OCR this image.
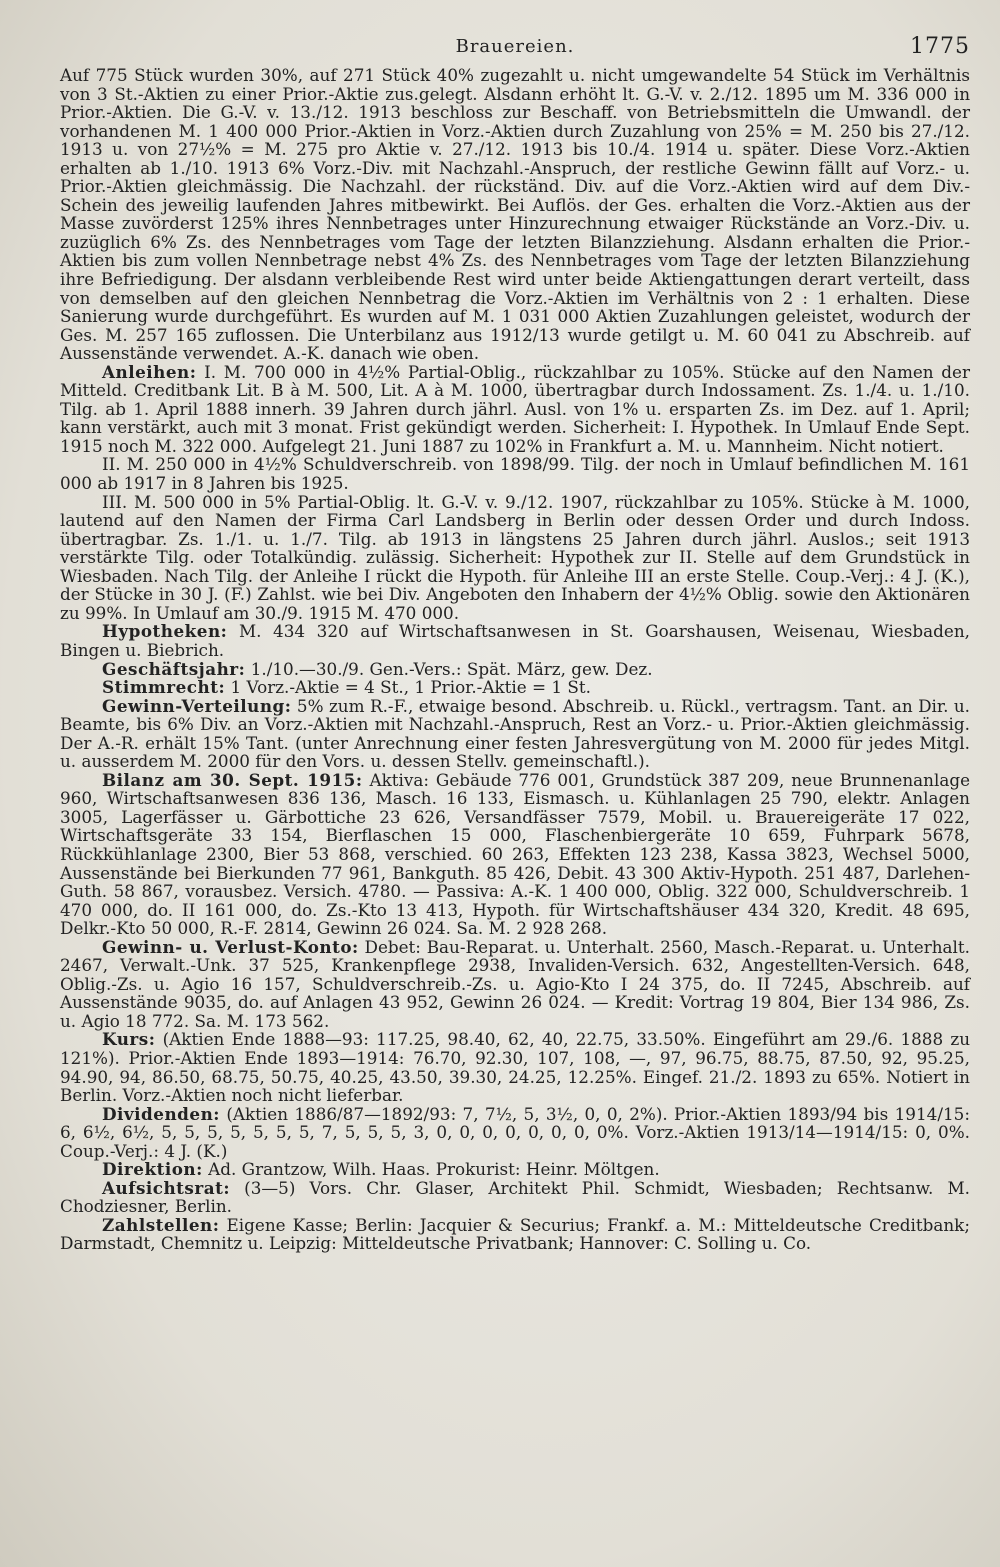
Brauereien.	1775

Auf 775 Stück wurden 30%, auf 271 Stück 40% zugezahlt u. nicht umgewandelte 54 Stück im Verhältnis von 3 St.-Aktien zu einer Prior.-Aktie zus.gelegt. Alsdann erhöht lt. G.-V. v. 2./12. 1895 um M. 336 000 in Prior.-Aktien. Die G.-V. v. 13./12. 1913 beschloss zur Beschaff. von Betriebsmitteln die Umwandl. der vorhandenen M. 1 400 000 Prior.-Aktien in Vorz.-Aktien durch Zuzahlung von 25% = M. 250 bis 27./12. 1913 u. von 27½% = M. 275 pro Aktie v. 27./12. 1913 bis 10./4. 1914 u. später. Diese Vorz.-Aktien erhalten ab 1./10. 1913 6% Vorz.-Div. mit Nachzahl.-Anspruch, der restliche Gewinn fällt auf Vorz.- u. Prior.-Aktien gleichmässig. Die Nachzahl. der rückständ. Div. auf die Vorz.-Aktien wird auf dem Div.-Schein des jeweilig laufenden Jahres mitbewirkt. Bei Auflös. der Ges. erhalten die Vorz.-Aktien aus der Masse zuvörderst 125% ihres Nennbetrages unter Hinzurechnung etwaiger Rückstände an Vorz.-Div. u. zuzüglich 6% Zs. des Nennbetrages vom Tage der letzten Bilanzziehung. Alsdann erhalten die Prior.-Aktien bis zum vollen Nennbetrage nebst 4% Zs. des Nennbetrages vom Tage der letzten Bilanzziehung ihre Befriedigung. Der alsdann verbleibende Rest wird unter beide Aktiengattungen derart verteilt, dass von demselben auf den gleichen Nennbetrag die Vorz.-Aktien im Verhältnis von 2 : 1 erhalten. Diese Sanierung wurde durchgeführt. Es wurden auf M. 1 031 000 Aktien Zuzahlungen geleistet, wodurch der Ges. M. 257 165 zuflossen. Die Unterbilanz aus 1912/13 wurde getilgt u. M. 60 041 zu Abschreib. auf Aussenstände verwendet. A.-K. danach wie oben.

Anleihen: I. M. 700 000 in 4½% Partial-Oblig., rückzahlbar zu 105%. Stücke auf den Namen der Mitteld. Creditbank Lit. B à M. 500, Lit. A à M. 1000, übertragbar durch Indossament. Zs. 1./4. u. 1./10. Tilg. ab 1. April 1888 innerh. 39 Jahren durch jährl. Ausl. von 1% u. ersparten Zs. im Dez. auf 1. April; kann verstärkt, auch mit 3 monat. Frist gekündigt werden. Sicherheit: I. Hypothek. In Umlauf Ende Sept. 1915 noch M. 322 000. Aufgelegt 21. Juni 1887 zu 102% in Frankfurt a. M. u. Mannheim. Nicht notiert.

II. M. 250 000 in 4½% Schuldverschreib. von 1898/99. Tilg. der noch in Umlauf befindlichen M. 161 000 ab 1917 in 8 Jahren bis 1925.

III. M. 500 000 in 5% Partial-Oblig. lt. G.-V. v. 9./12. 1907, rückzahlbar zu 105%. Stücke à M. 1000, lautend auf den Namen der Firma Carl Landsberg in Berlin oder dessen Order und durch Indoss. übertragbar. Zs. 1./1. u. 1./7. Tilg. ab 1913 in längstens 25 Jahren durch jährl. Auslos.; seit 1913 verstärkte Tilg. oder Totalkündig. zulässig. Sicherheit: Hypothek zur II. Stelle auf dem Grundstück in Wiesbaden. Nach Tilg. der Anleihe I rückt die Hypoth. für Anleihe III an erste Stelle. Coup.-Verj.: 4 J. (K.), der Stücke in 30 J. (F.) Zahlst. wie bei Div. Angeboten den Inhabern der 4½% Oblig. sowie den Aktionären zu 99%. In Umlauf am 30./9. 1915 M. 470 000.

Hypotheken: M. 434 320 auf Wirtschaftsanwesen in St. Goarshausen, Weisenau, Wiesbaden, Bingen u. Biebrich.

Geschäftsjahr: 1./10.—30./9. Gen.-Vers.: Spät. März, gew. Dez.

Stimmrecht: 1 Vorz.-Aktie = 4 St., 1 Prior.-Aktie = 1 St.

Gewinn-Verteilung: 5% zum R.-F., etwaige besond. Abschreib. u. Rückl., vertragsm. Tant. an Dir. u. Beamte, bis 6% Div. an Vorz.-Aktien mit Nachzahl.-Anspruch, Rest an Vorz.- u. Prior.-Aktien gleichmässig. Der A.-R. erhält 15% Tant. (unter Anrechnung einer festen Jahresvergütung von M. 2000 für jedes Mitgl. u. ausserdem M. 2000 für den Vors. u. dessen Stellv. gemeinschaftl.).

Bilanz am 30. Sept. 1915: Aktiva: Gebäude 776 001, Grundstück 387 209, neue Brunnenanlage 960, Wirtschaftsanwesen 836 136, Masch. 16 133, Eismasch. u. Kühlanlagen 25 790, elektr. Anlagen 3005, Lagerfässer u. Gärbottiche 23 626, Versandfässer 7579, Mobil. u. Brauereigeräte 17 022, Wirtschaftsgeräte 33 154, Bierflaschen 15 000, Flaschenbiergeräte 10 659, Fuhrpark 5678, Rückkühlanlage 2300, Bier 53 868, verschied. 60 263, Effekten 123 238, Kassa 3823, Wechsel 5000, Aussenstände bei Bierkunden 77 961, Bankguth. 85 426, Debit. 43 300 Aktiv-Hypoth. 251 487, Darlehen-Guth. 58 867, vorausbez. Versich. 4780. — Passiva: A.-K. 1 400 000, Oblig. 322 000, Schuldverschreib. 1 470 000, do. II 161 000, do. Zs.-Kto 13 413, Hypoth. für Wirtschaftshäuser 434 320, Kredit. 48 695, Delkr.-Kto 50 000, R.-F. 2814, Gewinn 26 024. Sa. M. 2 928 268.

Gewinn- u. Verlust-Konto: Debet: Bau-Reparat. u. Unterhalt. 2560, Masch.-Reparat. u. Unterhalt. 2467, Verwalt.-Unk. 37 525, Krankenpflege 2938, Invaliden-Versich. 632, Angestellten-Versich. 648, Oblig.-Zs. u. Agio 16 157, Schuldverschreib.-Zs. u. Agio-Kto I 24 375, do. II 7245, Abschreib. auf Aussenstände 9035, do. auf Anlagen 43 952, Gewinn 26 024. — Kredit: Vortrag 19 804, Bier 134 986, Zs. u. Agio 18 772. Sa. M. 173 562.

Kurs: (Aktien Ende 1888—93: 117.25, 98.40, 62, 40, 22.75, 33.50%. Eingeführt am 29./6. 1888 zu 121%). Prior.-Aktien Ende 1893—1914: 76.70, 92.30, 107, 108, —, 97, 96.75, 88.75, 87.50, 92, 95.25, 94.90, 94, 86.50, 68.75, 50.75, 40.25, 43.50, 39.30, 24.25, 12.25%. Eingef. 21./2. 1893 zu 65%. Notiert in Berlin. Vorz.-Aktien noch nicht lieferbar.

Dividenden: (Aktien 1886/87—1892/93: 7, 7½, 5, 3½, 0, 0, 2%). Prior.-Aktien 1893/94 bis 1914/15: 6, 6½, 6½, 5, 5, 5, 5, 5, 5, 5, 7, 5, 5, 5, 3, 0, 0, 0, 0, 0, 0, 0, 0%. Vorz.-Aktien 1913/14—1914/15: 0, 0%. Coup.-Verj.: 4 J. (K.)

Direktion: Ad. Grantzow, Wilh. Haas. Prokurist: Heinr. Möltgen.

Aufsichtsrat: (3—5) Vors. Chr. Glaser, Architekt Phil. Schmidt, Wiesbaden; Rechtsanw. M. Chodziesner, Berlin.

Zahlstellen: Eigene Kasse; Berlin: Jacquier & Securius; Frankf. a. M.: Mitteldeutsche Creditbank; Darmstadt, Chemnitz u. Leipzig: Mitteldeutsche Privatbank; Hannover: C. Solling u. Co.
